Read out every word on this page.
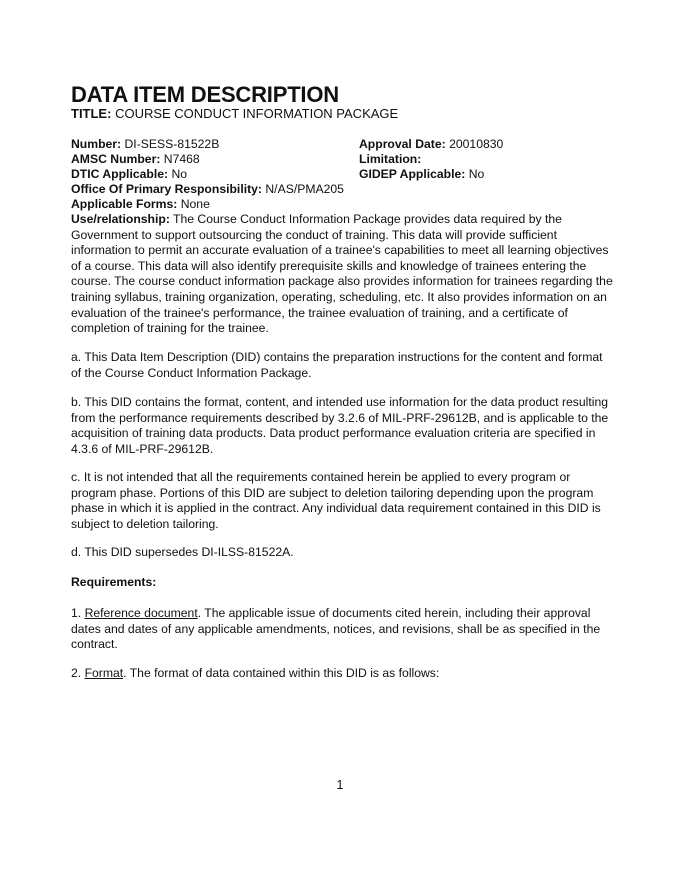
DATA ITEM DESCRIPTION
TITLE: COURSE CONDUCT INFORMATION PACKAGE
Number: DI-SESS-81522B	Approval Date: 20010830
AMSC Number: N7468	Limitation:
DTIC Applicable: No	GIDEP Applicable: No
Office Of Primary Responsibility: N/AS/PMA205
Applicable Forms: None
Use/relationship: The Course Conduct Information Package provides data required by the Government to support outsourcing the conduct of training. This data will provide sufficient information to permit an accurate evaluation of a trainee's capabilities to meet all learning objectives of a course. This data will also identify prerequisite skills and knowledge of trainees entering the course. The course conduct information package also provides information for trainees regarding the training syllabus, training organization, operating, scheduling, etc. It also provides information on an evaluation of the trainee's performance, the trainee evaluation of training, and a certificate of completion of training for the trainee.
a. This Data Item Description (DID) contains the preparation instructions for the content and format of the Course Conduct Information Package.
b. This DID contains the format, content, and intended use information for the data product resulting from the performance requirements described by 3.2.6 of MIL-PRF-29612B, and is applicable to the acquisition of training data products. Data product performance evaluation criteria are specified in 4.3.6 of MIL-PRF-29612B.
c. It is not intended that all the requirements contained herein be applied to every program or program phase. Portions of this DID are subject to deletion tailoring depending upon the program phase in which it is applied in the contract. Any individual data requirement contained in this DID is subject to deletion tailoring.
d. This DID supersedes DI-ILSS-81522A.
Requirements:
1. Reference document. The applicable issue of documents cited herein, including their approval dates and dates of any applicable amendments, notices, and revisions, shall be as specified in the contract.
2. Format. The format of data contained within this DID is as follows:
1
